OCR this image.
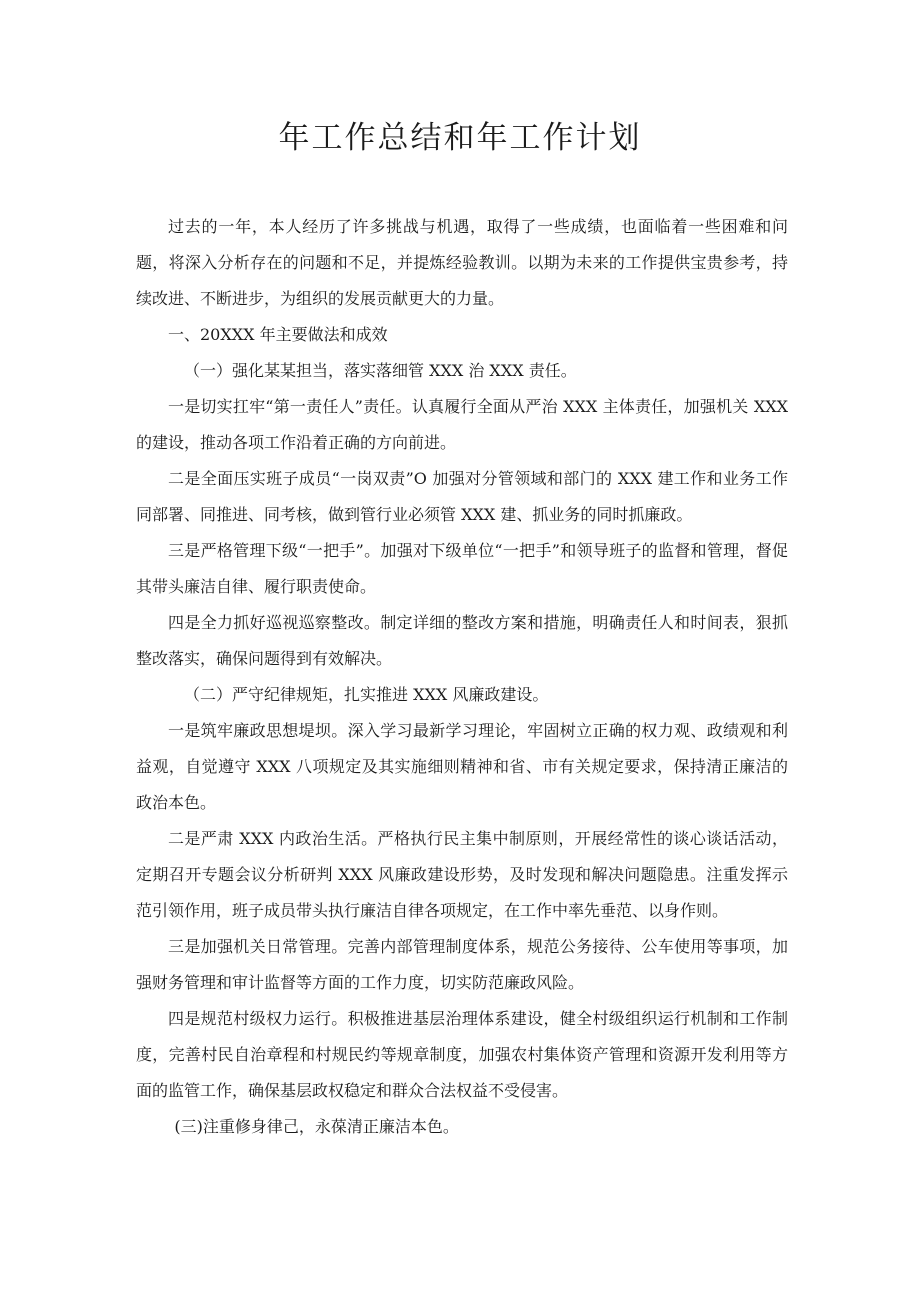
年工作总结和年工作计划

过去的一年，本人经历了许多挑战与机遇，取得了一些成绩，也面临着一些困难和问题，将深入分析存在的问题和不足，并提炼经验教训。以期为未来的工作提供宝贵参考，持续改进、不断进步，为组织的发展贡献更大的力量。

一、20XXX 年主要做法和成效

（一）强化某某担当，落实落细管 XXX 治 XXX 责任。

一是切实扛牢“第一责任人”责任。认真履行全面从严治 XXX 主体责任，加强机关 XXX 的建设，推动各项工作沿着正确的方向前进。

二是全面压实班子成员“一岗双责”O 加强对分管领域和部门的 XXX 建工作和业务工作同部署、同推进、同考核，做到管行业必须管 XXX 建、抓业务的同时抓廉政。

三是严格管理下级“一把手”。加强对下级单位“一把手”和领导班子的监督和管理，督促其带头廉洁自律、履行职责使命。

四是全力抓好巡视巡察整改。制定详细的整改方案和措施，明确责任人和时间表，狠抓整改落实，确保问题得到有效解决。

（二）严守纪律规矩，扎实推进 XXX 风廉政建设。

一是筑牢廉政思想堤坝。深入学习最新学习理论，牢固树立正确的权力观、政绩观和利益观，自觉遵守 XXX 八项规定及其实施细则精神和省、市有关规定要求，保持清正廉洁的政治本色。

二是严肃 XXX 内政治生活。严格执行民主集中制原则，开展经常性的谈心谈话活动，定期召开专题会议分析研判 XXX 风廉政建设形势，及时发现和解决问题隐患。注重发挥示范引领作用，班子成员带头执行廉洁自律各项规定，在工作中率先垂范、以身作则。

三是加强机关日常管理。完善内部管理制度体系，规范公务接待、公车使用等事项，加强财务管理和审计监督等方面的工作力度，切实防范廉政风险。

四是规范村级权力运行。积极推进基层治理体系建设，健全村级组织运行机制和工作制度，完善村民自治章程和村规民约等规章制度，加强农村集体资产管理和资源开发利用等方面的监管工作，确保基层政权稳定和群众合法权益不受侵害。

(三)注重修身律己，永葆清正廉洁本色。
